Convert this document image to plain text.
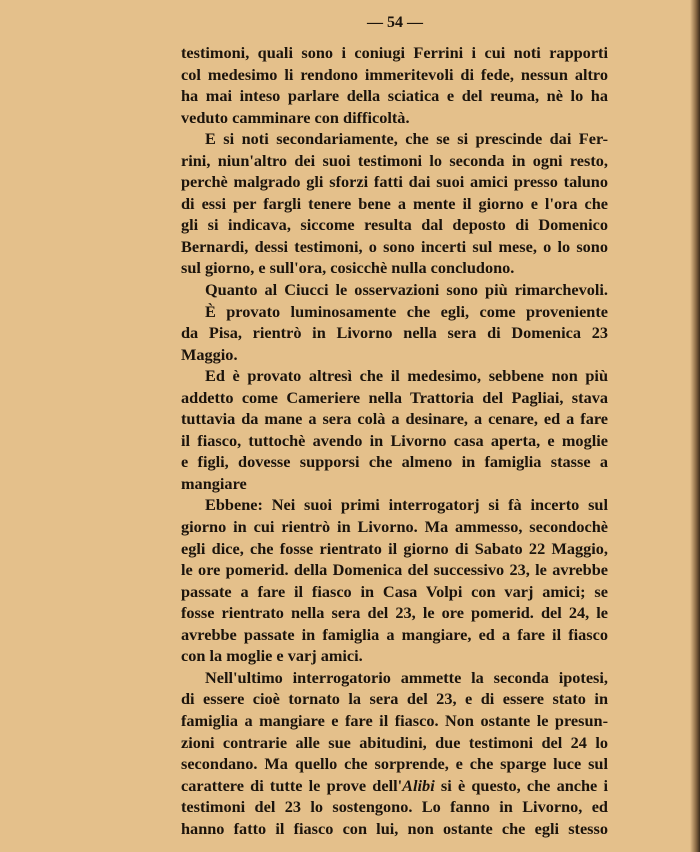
— 54 —
testimoni, quali sono i coniugi Ferrini i cui noti rapporti
col medesimo li rendono immeritevoli di fede, nessun altro
ha mai inteso parlare della sciatica e del reuma, nè lo ha
veduto camminare con difficoltà.
E si noti secondariamente, che se si prescinde dai Fer-
rini, niun'altro dei suoi testimoni lo seconda in ogni resto,
perchè malgrado gli sforzi fatti dai suoi amici presso taluno
di essi per fargli tenere bene a mente il giorno e l'ora che
gli si indicava, siccome resulta dal deposto di Domenico
Bernardi, dessi testimoni, o sono incerti sul mese, o lo sono
sul giorno, e sull'ora, cosicchè nulla concludono.
Quanto al Ciucci le osservazioni sono più rimarchevoli.
È provato luminosamente che egli, come proveniente
da Pisa, rientrò in Livorno nella sera di Domenica 23
Maggio.
Ed è provato altresì che il medesimo, sebbene non più
addetto come Cameriere nella Trattoria del Pagliai, stava
tuttavia da mane a sera colà a desinare, a cenare, ed a fare
il fiasco, tuttochè avendo in Livorno casa aperta, e moglie
e figli, dovesse supporsi che almeno in famiglia stasse a
mangiare
Ebbene: Nei suoi primi interrogatorj si fà incerto sul
giorno in cui rientrò in Livorno. Ma ammesso, secondochè
egli dice, che fosse rientrato il giorno di Sabato 22 Maggio,
le ore pomerid. della Domenica del successivo 23, le avrebbe
passate a fare il fiasco in Casa Volpi con varj amici; se
fosse rientrato nella sera del 23, le ore pomerid. del 24, le
avrebbe passate in famiglia a mangiare, ed a fare il fiasco
con la moglie e varj amici.
Nell'ultimo interrogatorio ammette la seconda ipotesi,
di essere cioè tornato la sera del 23, e di essere stato in
famiglia a mangiare e fare il fiasco. Non ostante le presun-
zioni contrarie alle sue abitudini, due testimoni del 24 lo
secondano. Ma quello che sorprende, e che sparge luce sul
carattere di tutte le prove dell'Alibi si è questo, che anche i
testimoni del 23 lo sostengono. Lo fanno in Livorno, ed
hanno fatto il fiasco con lui, non ostante che egli stesso
